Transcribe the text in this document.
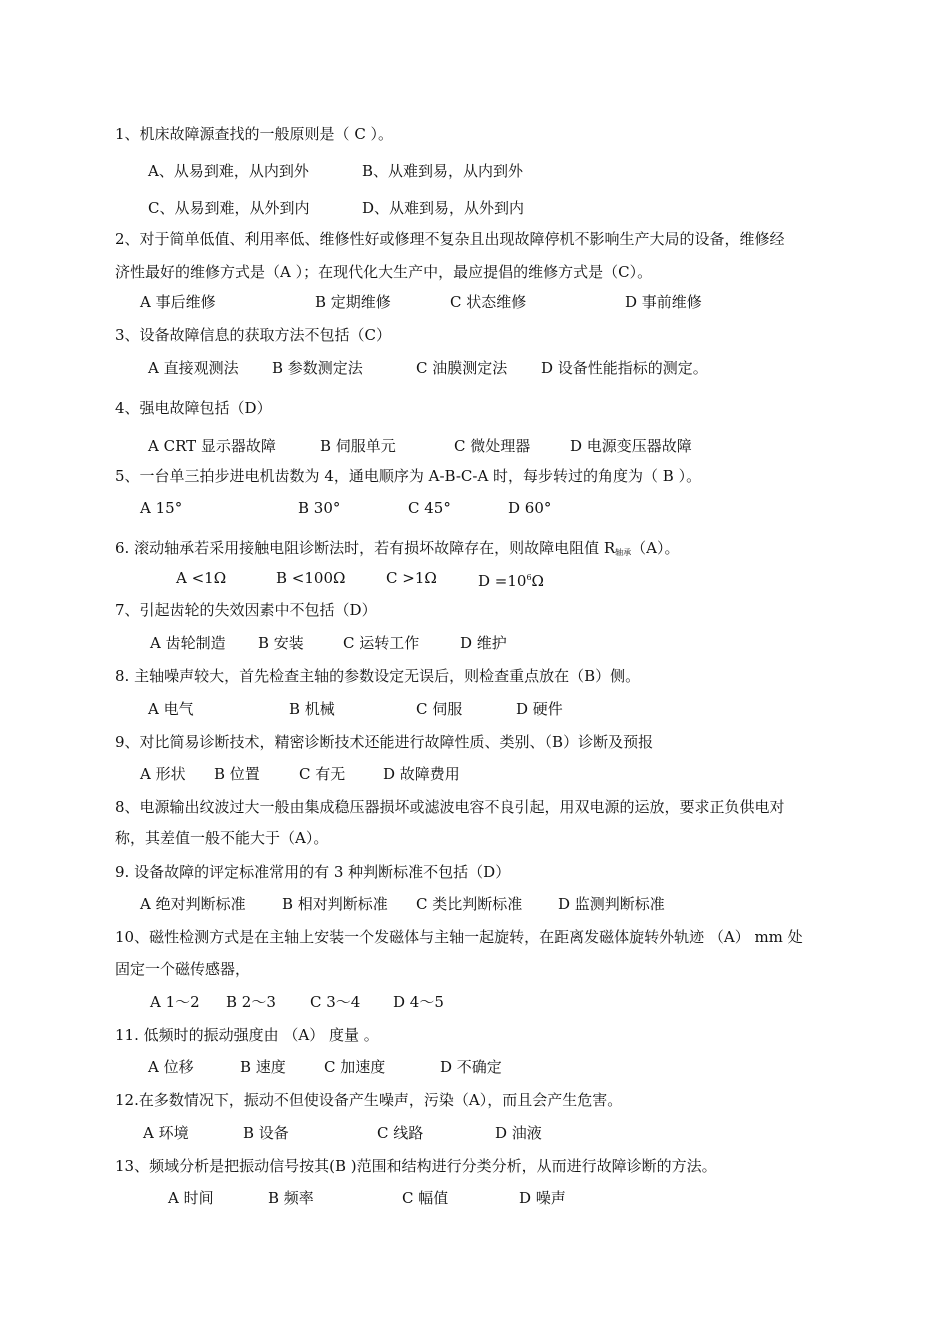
1、机床故障源查找的一般原则是（ C ）。
A、从易到难，从内到外	B、从难到易，从内到外
C、从易到难，从外到内	D、从难到易，从外到内
2、对于简单低值、利用率低、维修性好或修理不复杂且出现故障停机不影响生产大局的设备，维修经
济性最好的维修方式是（A ）；在现代化大生产中，最应提倡的维修方式是（C）。
A 事后维修	B 定期维修	C 状态维修	D 事前维修
3、设备故障信息的获取方法不包括（C）
A 直接观测法 B 参数测定法	C 油膜测定法 D 设备性能指标的测定。
4、强电故障包括（D）
A CRT 显示器故障	B 伺服单元	C 微处理器	D 电源变压器故障
5、一台单三拍步进电机齿数为 4，通电顺序为 A-B-C-A 时，每步转过的角度为（ B ）。
A 15°	B 30°	C 45°	D 60°
6. 滚动轴承若采用接触电阻诊断法时，若有损坏故障存在，则故障电阻值 $R_{轴承}(A)$。
A <1Ω	B <100Ω	C >1Ω	$D =10^6\Omega$
7、引起齿轮的失效因素中不包括（D）
A 齿轮制造 B 安装	C 运转工作	D 维护
8. 主轴噪声较大，首先检查主轴的参数设定无误后，则检查重点放在（B）侧。
A 电气	B 机械	C 伺服	D 硬件
9、对比简易诊断技术，精密诊断技术还能进行故障性质、类别、（B）诊断及预报
A 形状 B 位置	C 有无	D 故障费用
8、电源输出纹波过大一般由集成稳压器损坏或滤波电容不良引起，用双电源的运放，要求正负供电对
称，其差值一般不能大于（A）。
9. 设备故障的评定标准常用的有 3 种判断标准不包括（D）
A 绝对判断标准 B 相对判断标准 C 类比判断标准 D 监测判断标准
10、磁性检测方式是在主轴上安装一个发磁体与主轴一起旋转，在距离发磁体旋转外轨迹 （A） mm 处
固定一个磁传感器，
A 1～2 B 2～3 C 3～4 D 4～5
11. 低频时的振动强度由 （A） 度量 。
A 位移	B 速度	C 加速度	D 不确定
12.在多数情况下，振动不但使设备产生噪声，污染（A），而且会产生危害。
A 环境	B 设备	C 线路	D 油液
13、频域分析是把振动信号按其(B )范围和结构进行分类分析，从而进行故障诊断的方法。
A 时间	B 频率	C 幅值	D 噪声
